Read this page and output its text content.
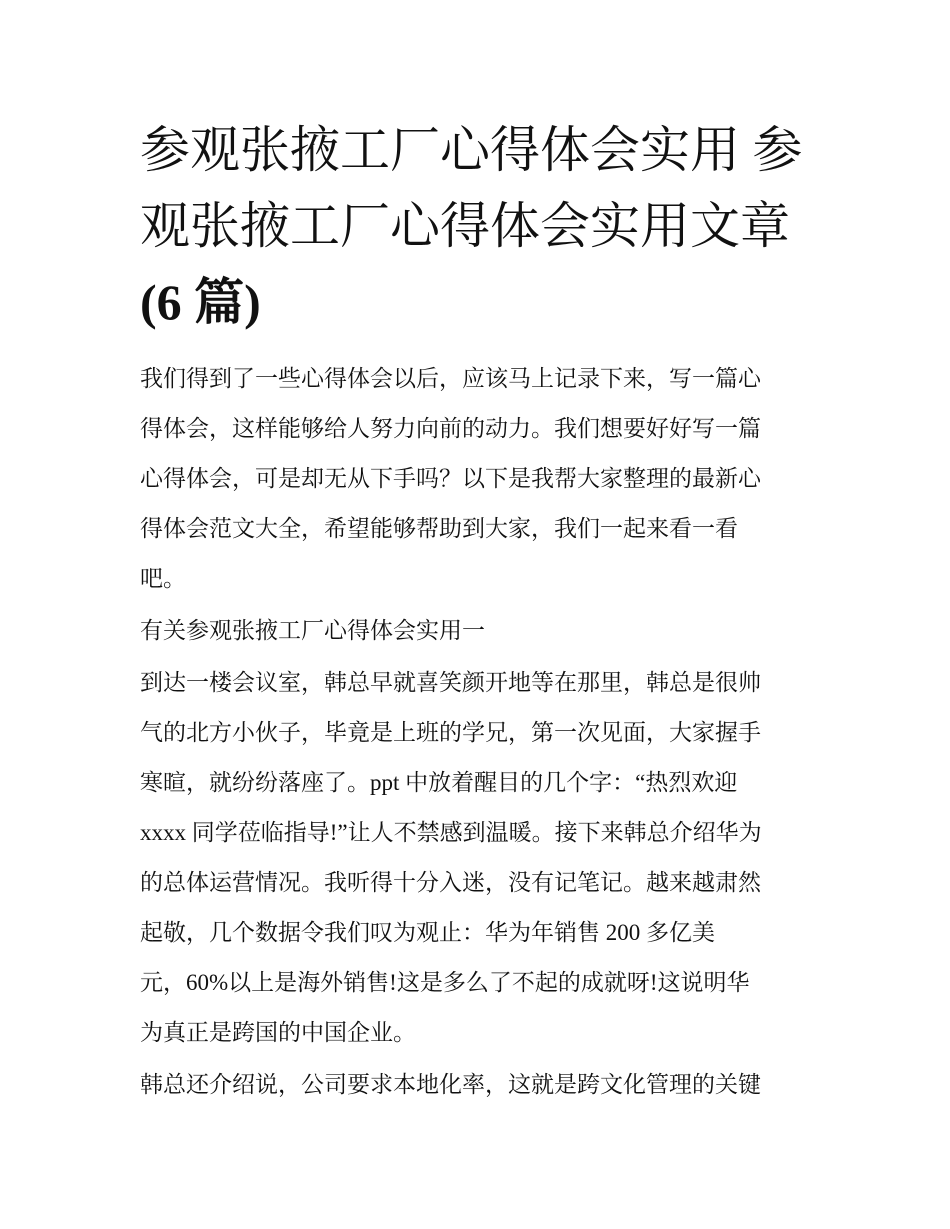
参观张掖工厂心得体会实用 参
观张掖工厂心得体会实用文章
(6 篇)
我们得到了一些心得体会以后，应该马上记录下来，写一篇心
得体会，这样能够给人努力向前的动力。我们想要好好写一篇
心得体会，可是却无从下手吗？以下是我帮大家整理的最新心
得体会范文大全，希望能够帮助到大家，我们一起来看一看
吧。
有关参观张掖工厂心得体会实用一
到达一楼会议室，韩总早就喜笑颜开地等在那里，韩总是很帅
气的北方小伙子，毕竟是上班的学兄，第一次见面，大家握手
寒暄，就纷纷落座了。ppt 中放着醒目的几个字：“热烈欢迎
xxxx 同学莅临指导!”让人不禁感到温暖。接下来韩总介绍华为
的总体运营情况。我听得十分入迷，没有记笔记。越来越肃然
起敬，几个数据令我们叹为观止：华为年销售 200 多亿美
元，60%以上是海外销售!这是多么了不起的成就呀!这说明华
为真正是跨国的中国企业。
韩总还介绍说，公司要求本地化率，这就是跨文化管理的关键
